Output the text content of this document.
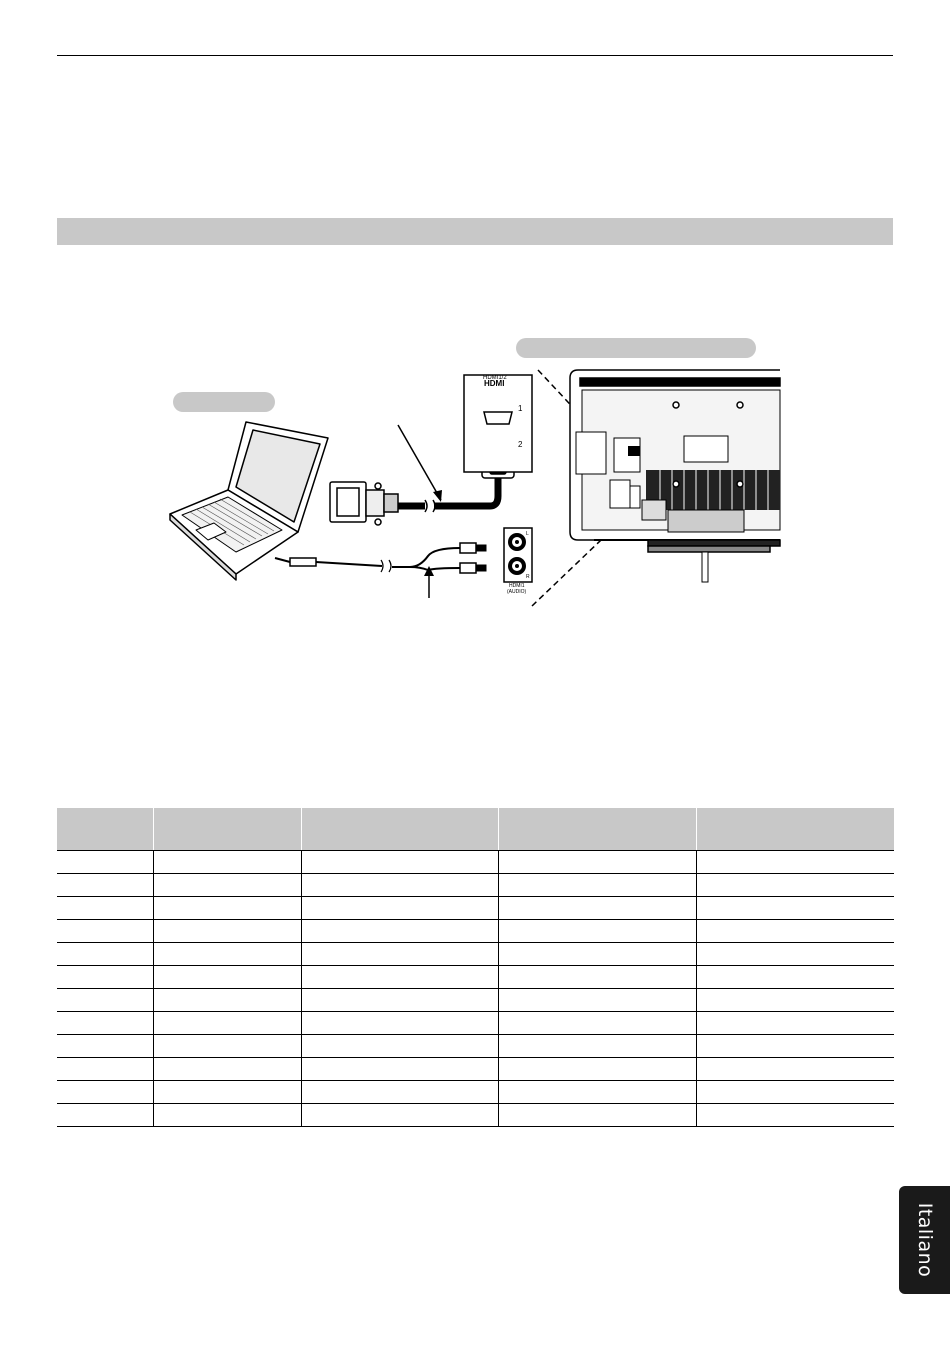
HDMI1/2
HDMI
1
2
L
R
HDMI1
(AUDIO)

Italiano
